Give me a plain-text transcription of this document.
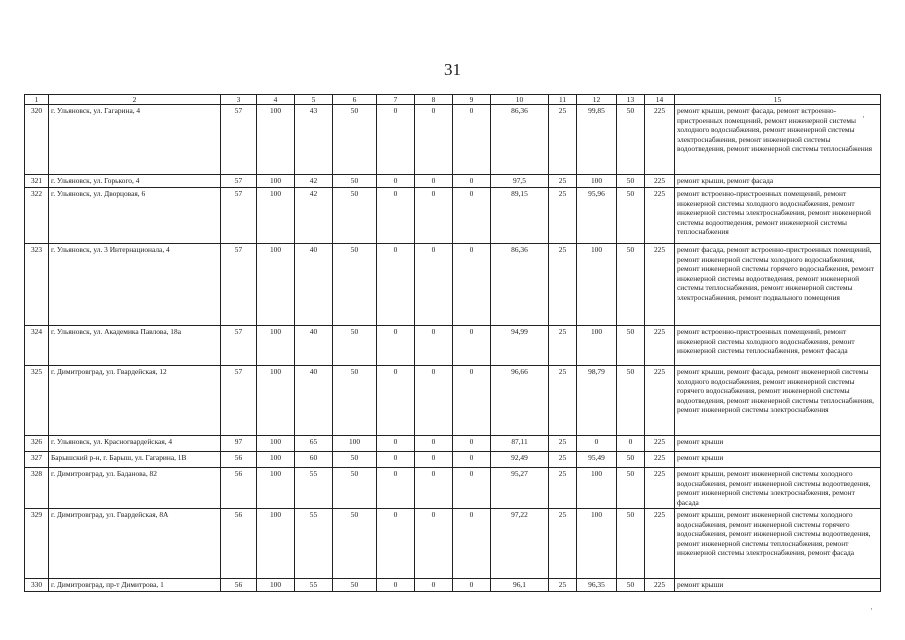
31
1	2	3	4	5	6	7	8	9	10	11	12	13	14	15
320	г. Ульяновск, ул. Гагарина, 4	57	100	43	50	0	0	0	86,36	25	99,85	50	225	ремонт крыши, ремонт фасада, ремонт встроенно-пристроенных помещений, ремонт инженерной системы холодного водоснабжения, ремонт инженерной системы электроснабжения, ремонт инженерной системы водоотведения, ремонт инженерной системы теплоснабжения
321	г. Ульяновск, ул. Горького, 4	57	100	42	50	0	0	0	97,5	25	100	50	225	ремонт крыши, ремонт фасада
322	г. Ульяновск, ул. Дворцовая, 6	57	100	42	50	0	0	0	89,15	25	95,96	50	225	ремонт встроенно-пристроенных помещений, ремонт инженерной системы холодного водоснабжения, ремонт инженерной системы электроснабжения, ремонт инженерной системы водоотведения, ремонт инженерной системы теплоснабжения
323	г. Ульяновск, ул. 3 Интернационала, 4	57	100	40	50	0	0	0	86,36	25	100	50	225	ремонт фасада, ремонт встроенно-пристроенных помещений, ремонт инженерной системы холодного водоснабжения, ремонт инженерной системы горячего водоснабжения, ремонт инженерной системы водоотведения, ремонт инженерной системы теплоснабжения, ремонт инженерной системы электроснабжения, ремонт подвального помещения
324	г. Ульяновск, ул. Академика Павлова, 18а	57	100	40	50	0	0	0	94,99	25	100	50	225	ремонт встроенно-пристроенных помещений, ремонт инженерной системы холодного водоснабжения, ремонт инженерной системы теплоснабжения, ремонт фасада
325	г. Димитровград, ул. Гвардейская, 12	57	100	40	50	0	0	0	96,66	25	98,79	50	225	ремонт крыши, ремонт фасада, ремонт инженерной системы холодного водоснабжения, ремонт инженерной системы горячего водоснабжения, ремонт инженерной системы водоотведения, ремонт инженерной системы теплоснабжения, ремонт инженерной системы электроснабжения
326	г. Ульяновск, ул. Красногвардейская, 4	97	100	65	100	0	0	0	87,11	25	0	0	225	ремонт крыши
327	Барышский р-н, г. Барыш, ул. Гагарина, 1В	56	100	60	50	0	0	0	92,49	25	95,49	50	225	ремонт крыши
328	г. Димитровград, ул. Баданова, 82	56	100	55	50	0	0	0	95,27	25	100	50	225	ремонт крыши, ремонт инженерной системы холодного водоснабжения, ремонт инженерной системы водоотведения, ремонт инженерной системы электроснабжения, ремонт фасада
329	г. Димитровград, ул. Гвардейская, 8А	56	100	55	50	0	0	0	97,22	25	100	50	225	ремонт крыши, ремонт инженерной системы холодного водоснабжения, ремонт инженерной системы горячего водоснабжения, ремонт инженерной системы водоотведения, ремонт инженерной системы теплоснабжения, ремонт инженерной системы электроснабжения, ремонт фасада
330	г. Димитровград, пр-т Димитрова, 1	56	100	55	50	0	0	0	96,1	25	96,35	50	225	ремонт крыши
·
·
